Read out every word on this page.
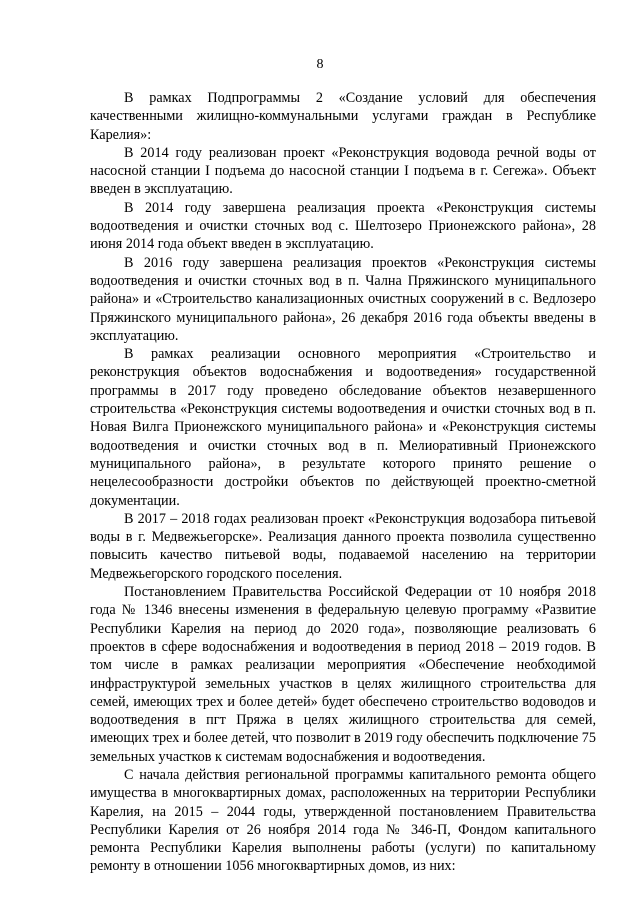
8

В рамках Подпрограммы 2 «Создание условий для обеспечения качественными жилищно-коммунальными услугами граждан в Республике Карелия»:

В 2014 году реализован проект «Реконструкция водовода речной воды от насосной станции I подъема до насосной станции I подъема в г. Сегежа». Объект введен в эксплуатацию.

В 2014 году завершена реализация проекта «Реконструкция системы водоотведения и очистки сточных вод с. Шелтозеро Прионежского района», 28 июня 2014 года объект введен в эксплуатацию.

В 2016 году завершена реализация проектов «Реконструкция системы водоотведения и очистки сточных вод в п. Чална Пряжинского муниципального района» и «Строительство канализационных очистных сооружений в с. Ведлозеро Пряжинского муниципального района», 26 декабря 2016 года объекты введены в эксплуатацию.

В рамках реализации основного мероприятия «Строительство и реконструкция объектов водоснабжения и водоотведения» государственной программы в 2017 году проведено обследование объектов незавершенного строительства «Реконструкция системы водоотведения и очистки сточных вод в п. Новая Вилга Прионежского муниципального района» и «Реконструкция системы водоотведения и очистки сточных вод в п. Мелиоративный Прионежского муниципального района», в результате которого принято решение о нецелесообразности достройки объектов по действующей проектно-сметной документации.

В 2017 – 2018 годах реализован проект «Реконструкция водозабора питьевой воды в г. Медвежьегорске». Реализация данного проекта позволила существенно повысить качество питьевой воды, подаваемой населению на территории Медвежьегорского городского поселения.

Постановлением Правительства Российской Федерации от 10 ноября 2018 года № 1346 внесены изменения в федеральную целевую программу «Развитие Республики Карелия на период до 2020 года», позволяющие реализовать 6 проектов в сфере водоснабжения и водоотведения в период 2018 – 2019 годов. В том числе в рамках реализации мероприятия «Обеспечение необходимой инфраструктурой земельных участков в целях жилищного строительства для семей, имеющих трех и более детей» будет обеспечено строительство водоводов и водоотведения в пгт Пряжа в целях жилищного строительства для семей, имеющих трех и более детей, что позволит в 2019 году обеспечить подключение 75 земельных участков к системам водоснабжения и водоотведения.

С начала действия региональной программы капитального ремонта общего имущества в многоквартирных домах, расположенных на территории Республики Карелия, на 2015 – 2044 годы, утвержденной постановлением Правительства Республики Карелия от 26 ноября 2014 года № 346-П, Фондом капитального ремонта Республики Карелия выполнены работы (услуги) по капитальному ремонту в отношении 1056 многоквартирных домов, из них:
